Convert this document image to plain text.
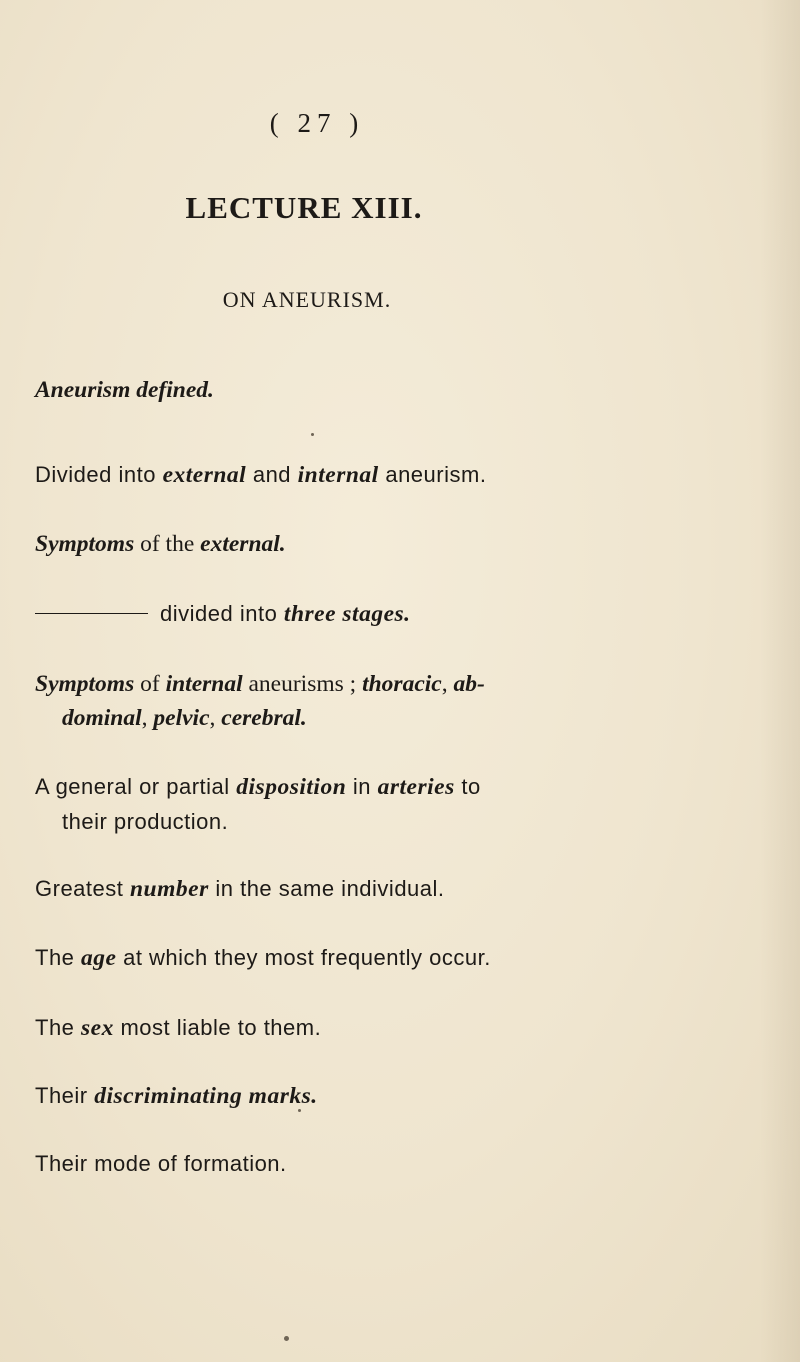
( 27 )
LECTURE XIII.
ON ANEURISM.
Aneurism defined.
Divided into external and internal aneurism.
Symptoms of the external.
divided into three stages.
Symptoms of internal aneurisms ; thoracic, ab-
dominal, pelvic, cerebral.
A general or partial disposition in arteries to
their production.
Greatest number in the same individual.
The age at which they most frequently occur.
The sex most liable to them.
Their discriminating marks.
Their mode of formation.
